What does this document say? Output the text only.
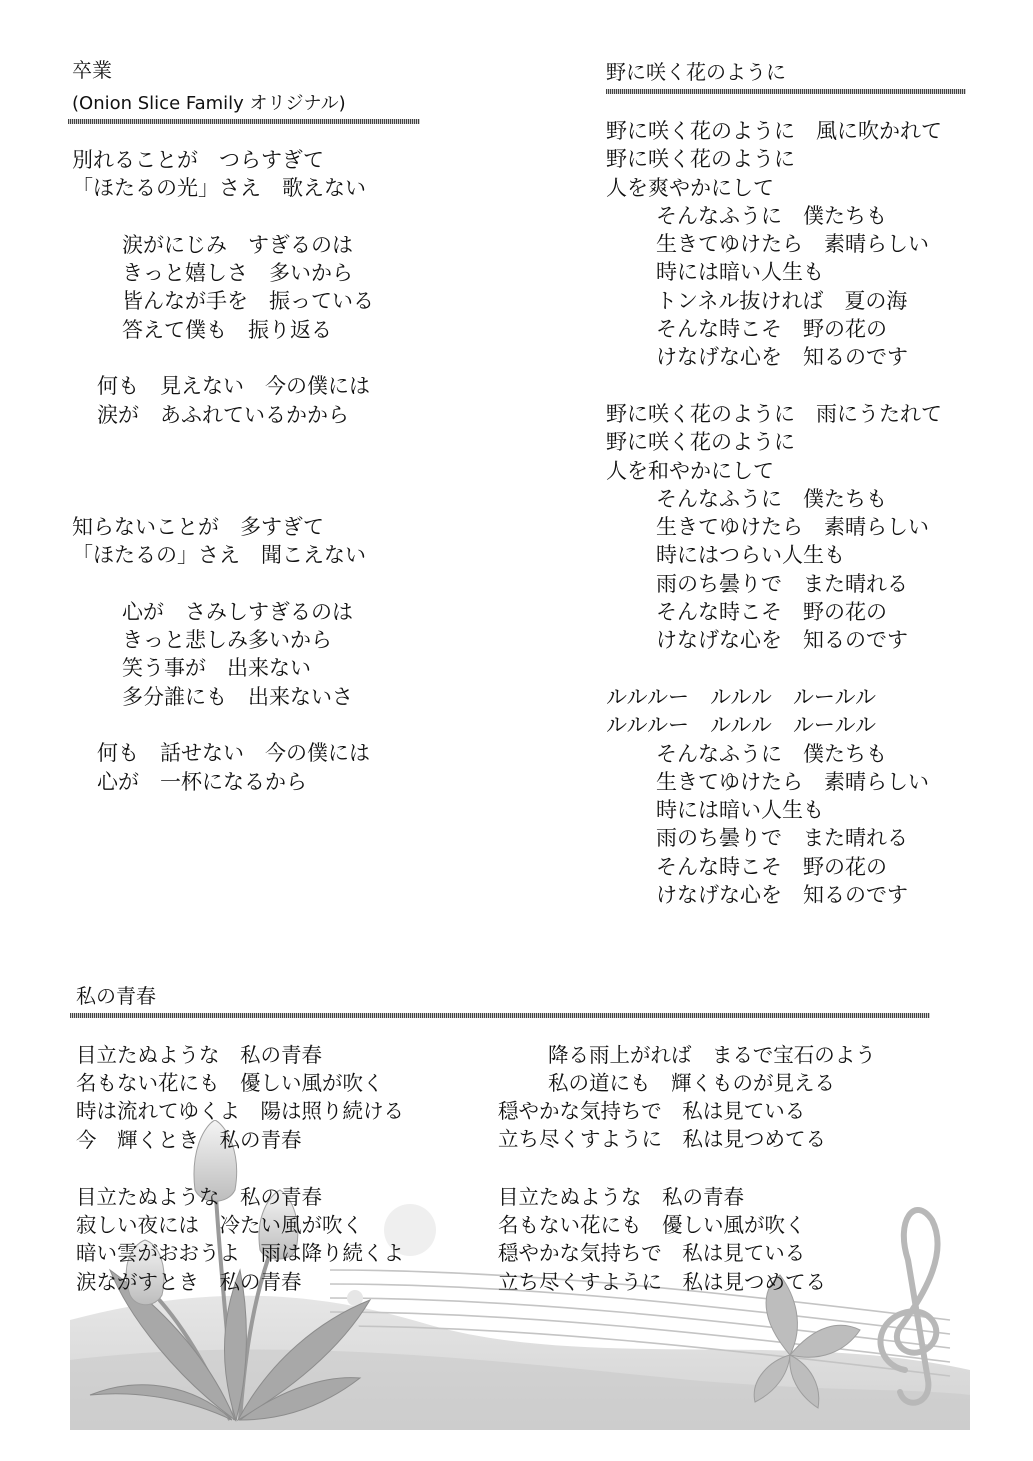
卒業
(Onion Slice Family オリジナル)
別れることが　つらすぎて
「ほたるの光」さえ　歌えない
涙がにじみ　すぎるのは
きっと嬉しさ　多いから
皆んなが手を　振っている
答えて僕も　振り返る
何も　見えない　今の僕には
涙が　あふれているかから
知らないことが　多すぎて
「ほたるの」さえ　聞こえない
心が　さみしすぎるのは
きっと悲しみ多いから
笑う事が　出来ない
多分誰にも　出来ないさ
何も　話せない　今の僕には
心が　一杯になるから
野に咲く花のように
野に咲く花のように　風に吹かれて
野に咲く花のように
人を爽やかにして
そんなふうに　僕たちも
生きてゆけたら　素晴らしい
時には暗い人生も
トンネル抜ければ　夏の海
そんな時こそ　野の花の
けなげな心を　知るのです
野に咲く花のように　雨にうたれて
野に咲く花のように
人を和やかにして
そんなふうに　僕たちも
生きてゆけたら　素晴らしい
時にはつらい人生も
雨のち曇りで　また晴れる
そんな時こそ　野の花の
けなげな心を　知るのです
ルルルー　ルルル　ルールル
ルルルー　ルルル　ルールル
そんなふうに　僕たちも
生きてゆけたら　素晴らしい
時には暗い人生も
雨のち曇りで　また晴れる
そんな時こそ　野の花の
けなげな心を　知るのです
私の青春
目立たぬような　私の青春
名もない花にも　優しい風が吹く
時は流れてゆくよ　陽は照り続ける
今　輝くとき　私の青春
目立たぬような　私の青春
寂しい夜には　冷たい風が吹く
暗い雲がおおうよ　雨は降り続くよ
涙ながすとき　私の青春
降る雨上がれば　まるで宝石のよう
私の道にも　輝くものが見える
穏やかな気持ちで　私は見ている
立ち尽くすように　私は見つめてる
目立たぬような　私の青春
名もない花にも　優しい風が吹く
穏やかな気持ちで　私は見ている
立ち尽くすように　私は見つめてる
